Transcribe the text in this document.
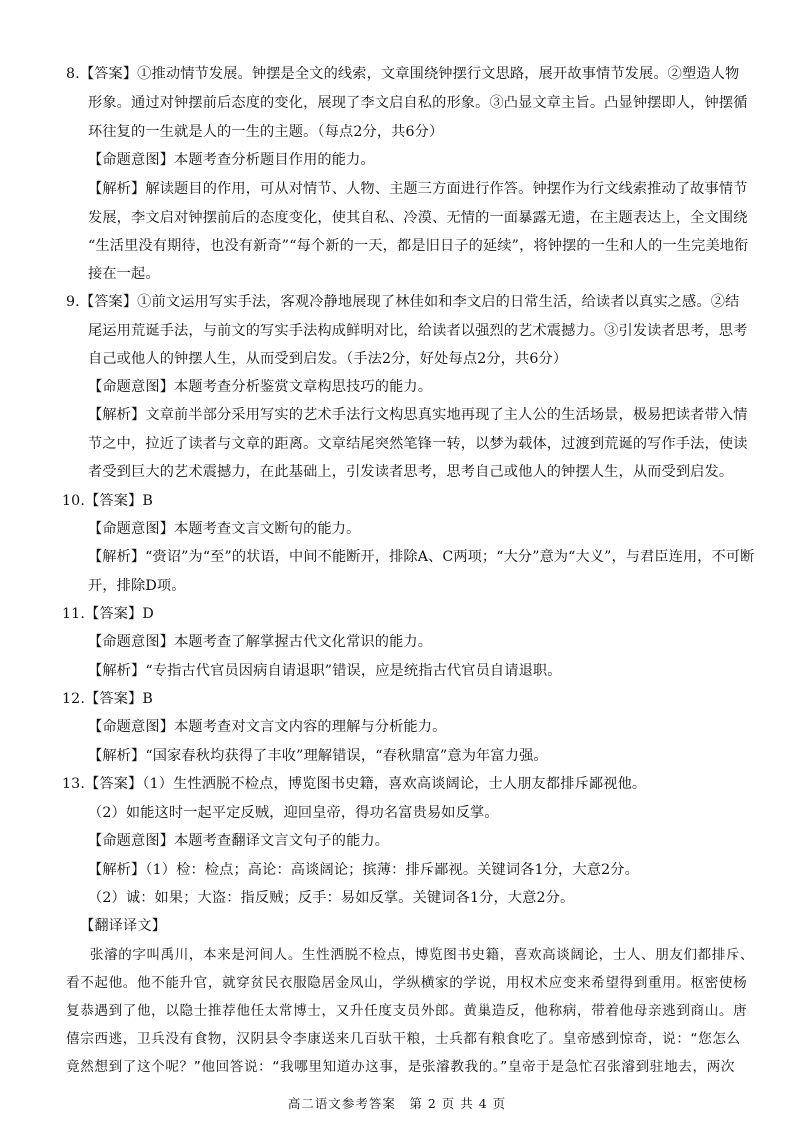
8.【答案】①推动情节发展。钟摆是全文的线索，文章围绕钟摆行文思路，展开故事情节发展。②塑造人物
形象。通过对钟摆前后态度的变化，展现了李文启自私的形象。③凸显文章主旨。凸显钟摆即人，钟摆循
环往复的一生就是人的一生的主题。（每点2分，共6分）
【命题意图】本题考查分析题目作用的能力。
【解析】解读题目的作用，可从对情节、人物、主题三方面进行作答。钟摆作为行文线索推动了故事情节
发展，李文启对钟摆前后的态度变化，使其自私、冷漠、无情的一面暴露无遗，在主题表达上，全文围绕
“生活里没有期待，也没有新奇”“每个新的一天，都是旧日子的延续”，将钟摆的一生和人的一生完美地衔
接在一起。
9.【答案】①前文运用写实手法，客观冷静地展现了林佳如和李文启的日常生活，给读者以真实之感。②结
尾运用荒诞手法，与前文的写实手法构成鲜明对比，给读者以强烈的艺术震撼力。③引发读者思考，思考
自己或他人的钟摆人生，从而受到启发。（手法2分，好处每点2分，共6分）
【命题意图】本题考查分析鉴赏文章构思技巧的能力。
【解析】文章前半部分采用写实的艺术手法行文构思真实地再现了主人公的生活场景，极易把读者带入情
节之中，拉近了读者与文章的距离。文章结尾突然笔锋一转，以梦为载体，过渡到荒诞的写作手法，使读
者受到巨大的艺术震撼力，在此基础上，引发读者思考，思考自己或他人的钟摆人生，从而受到启发。
10.【答案】B
【命题意图】本题考查文言文断句的能力。
【解析】“赍诏”为“至”的状语，中间不能断开，排除A、C两项；“大分”意为“大义”，与君臣连用，不可断
开，排除D项。
11.【答案】D
【命题意图】本题考查了解掌握古代文化常识的能力。
【解析】“专指古代官员因病自请退职”错误，应是统指古代官员自请退职。
12.【答案】B
【命题意图】本题考查对文言文内容的理解与分析能力。
【解析】“国家春秋均获得了丰收”理解错误，“春秋鼎富”意为年富力强。
13.【答案】（1）生性洒脱不检点，博览图书史籍，喜欢高谈阔论，士人朋友都排斥鄙视他。
（2）如能这时一起平定反贼，迎回皇帝，得功名富贵易如反掌。
【命题意图】本题考查翻译文言文句子的能力。
【解析】（1）检：检点；高论：高谈阔论；摈薄：排斥鄙视。关键词各1分，大意2分。
（2）诚：如果；大盗：指反贼；反手：易如反掌。关键词各1分，大意2分。
【翻译译文】
张濬的字叫禹川，本来是河间人。生性洒脱不检点，博览图书史籍，喜欢高谈阔论，士人、朋友们都排斥、
看不起他。他不能升官，就穿贫民衣服隐居金凤山，学纵横家的学说，用权术应变来希望得到重用。枢密使杨
复恭遇到了他，以隐士推荐他任太常博士，又升任度支员外郎。黄巢造反，他称病，带着他母亲逃到商山。唐
僖宗西逃，卫兵没有食物，汉阴县令李康送来几百驮干粮，士兵都有粮食吃了。皇帝感到惊奇，说：“您怎么
竟然想到了这个呢？”他回答说：“我哪里知道办这事，是张濬教我的。”皇帝于是急忙召张濬到驻地去，两次
高二语文参考答案　第 2 页 共 4 页
